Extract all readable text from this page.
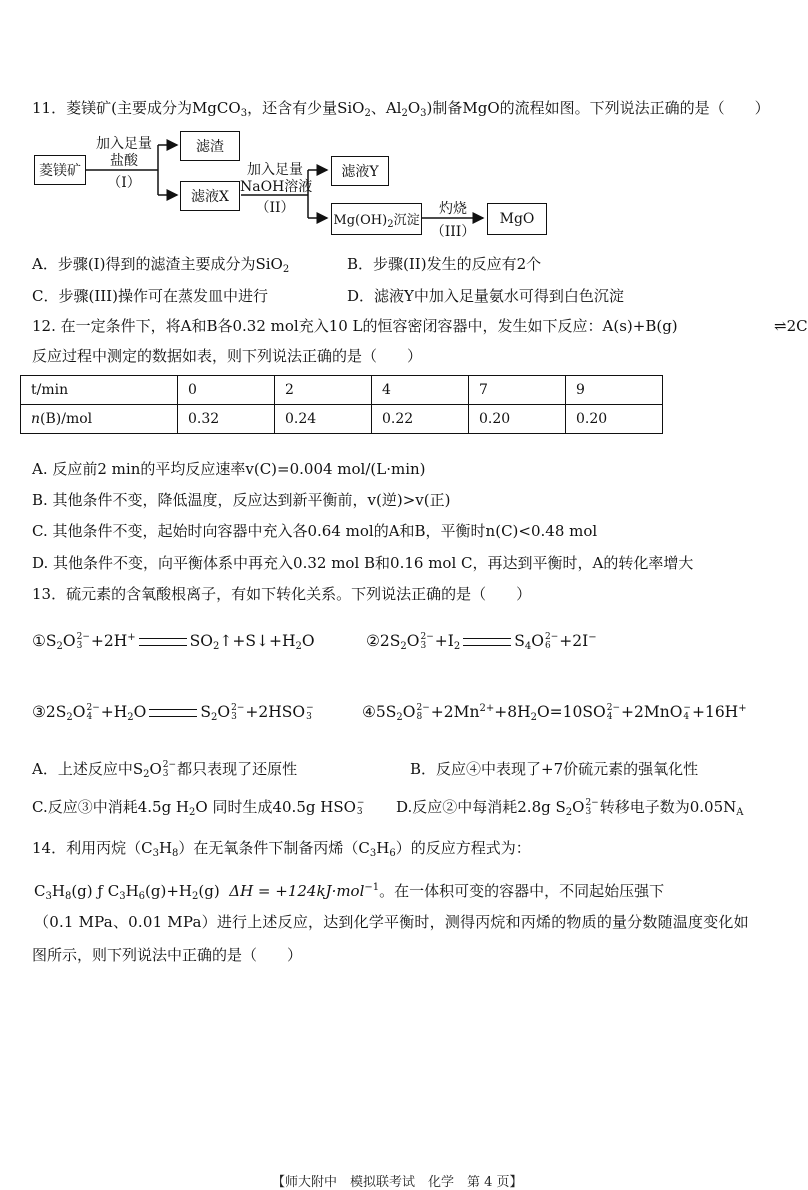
11．菱镁矿(主要成分为MgCO$_3$，还含有少量SiO$_2$、$Al_2O_3$)制备MgO的流程如图。下列说法正确的是（　　）
菱镁矿
加入足量
盐酸
（I）
滤渣
滤液X
加入足量
NaOH溶液
（II）
滤液Y
$Mg(OH)_2$沉淀
灼烧
（III）
MgO
A．步骤(I)得到的滤渣主要成分为SiO$_2$	B．步骤(II)发生的反应有2个
C．步骤(III)操作可在蒸发皿中进行	D．滤液Y中加入足量氨水可得到白色沉淀
12. 在一定条件下，将A和B各0.32 mol充入10 L的恒容密闭容器中，发生如下反应：A(s)+B(g)	⇌2C
反应过程中测定的数据如表，则下列说法正确的是（　　）
t/min	0	2	4	7	9
n(B)/mol	0.32	0.24	0.22	0.20	0.20
A. 反应前2 min的平均反应速率v(C)=0.004 mol/(L·min)
B. 其他条件不变，降低温度，反应达到新平衡前，v(逆)>v(正)
C. 其他条件不变，起始时向容器中充入各0.64 mol的A和B，平衡时n(C)<0.48 mol
D. 其他条件不变，向平衡体系中再充入0.32 mol B和0.16 mol C，再达到平衡时，A的转化率增大
13．硫元素的含氧酸根离子，有如下转化关系。下列说法正确的是（　　）
$①S_2O$ 2−
3 +2H+	$SO_2↑+S↓+H_2O$	$②2S_2O$ 2−
$3 +I_2$	$S_4O$ 2−
6 +2I−
$③2S_2O$ 2−
$4 +H_2O$	$S_2O$ 2−
3 +2HSO −
3	$④5S_2O$ 2−
$8 +2Mn^{2+}+8H_2O=10SO$ 2−
4 +2MnO −
4 +16H+
A．上述反应中$S_2O$ 2−
3 都只表现了还原性	B．反应④中表现了+7价硫元素的强氧化性
C.反应③中消耗4.5g $H_2O$ 同时生成40.5g HSO −
3 D.反应②中每消耗2.8g $S_2O$ 2−
3 转移电子数为$0.05N_A$
14．利用丙烷$(C_3H_8)$在无氧条件下制备丙烯$(C_3H_6)$的反应方程式为：
$C_3H_8(g)$ ƒ $C_3H_6(g)+H_2(g) \Delta H = +124kJ\cdot mol^{-1}$。在一体积可变的容器中，不同起始压强下
（0.1 MPa、0.01 MPa）进行上述反应，达到化学平衡时，测得丙烷和丙烯的物质的量分数随温度变化如
图所示，则下列说法中正确的是（　　）
【师大附中　模拟联考试　化学　第 4 页】
